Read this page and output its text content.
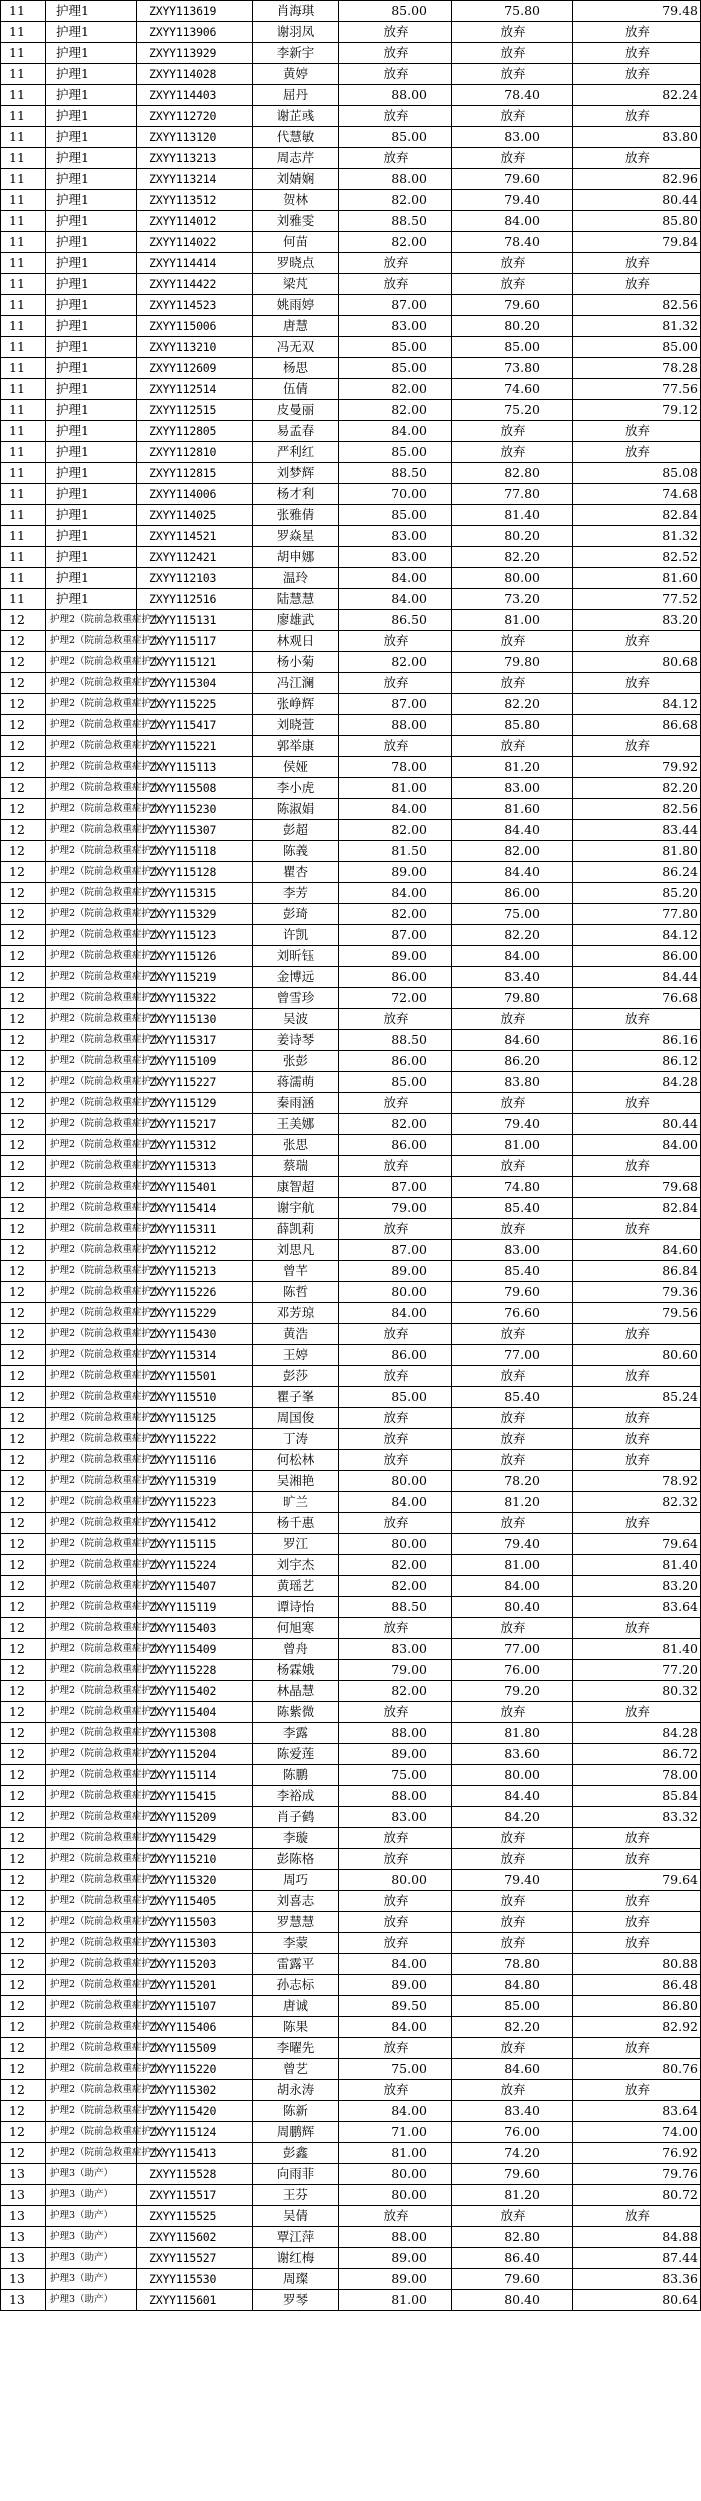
11	护理1	ZXYY113619	肖海琪	85.00	75.80	79.48
11	护理1	ZXYY113906	谢羽凤	放弃	放弃	放弃
11	护理1	ZXYY113929	李新宇	放弃	放弃	放弃
11	护理1	ZXYY114028	黄婷	放弃	放弃	放弃
11	护理1	ZXYY114403	屈丹	88.00	78.40	82.24
11	护理1	ZXYY112720	谢芷彧	放弃	放弃	放弃
11	护理1	ZXYY113120	代慧敏	85.00	83.00	83.80
11	护理1	ZXYY113213	周志芹	放弃	放弃	放弃
11	护理1	ZXYY113214	刘婧娴	88.00	79.60	82.96
11	护理1	ZXYY113512	贺林	82.00	79.40	80.44
11	护理1	ZXYY114012	刘雅雯	88.50	84.00	85.80
11	护理1	ZXYY114022	何苗	82.00	78.40	79.84
11	护理1	ZXYY114414	罗晓点	放弃	放弃	放弃
11	护理1	ZXYY114422	梁芃	放弃	放弃	放弃
11	护理1	ZXYY114523	姚雨婷	87.00	79.60	82.56
11	护理1	ZXYY115006	唐慧	83.00	80.20	81.32
11	护理1	ZXYY113210	冯无双	85.00	85.00	85.00
11	护理1	ZXYY112609	杨思	85.00	73.80	78.28
11	护理1	ZXYY112514	伍倩	82.00	74.60	77.56
11	护理1	ZXYY112515	皮曼丽	82.00	75.20	79.12
11	护理1	ZXYY112805	易孟春	84.00	放弃	放弃
11	护理1	ZXYY112810	严利红	85.00	放弃	放弃
11	护理1	ZXYY112815	刘梦辉	88.50	82.80	85.08
11	护理1	ZXYY114006	杨才利	70.00	77.80	74.68
11	护理1	ZXYY114025	张雅倩	85.00	81.40	82.84
11	护理1	ZXYY114521	罗焱星	83.00	80.20	81.32
11	护理1	ZXYY112421	胡申娜	83.00	82.20	82.52
11	护理1	ZXYY112103	温玲	84.00	80.00	81.60
11	护理1	ZXYY112516	陆慧慧	84.00	73.20	77.52
12	护理2（院前急救重症护士）	ZXYY115131	廖雄武	86.50	81.00	83.20
12	护理2（院前急救重症护士）	ZXYY115117	林观日	放弃	放弃	放弃
12	护理2（院前急救重症护士）	ZXYY115121	杨小菊	82.00	79.80	80.68
12	护理2（院前急救重症护士）	ZXYY115304	冯江澜	放弃	放弃	放弃
12	护理2（院前急救重症护士）	ZXYY115225	张峥辉	87.00	82.20	84.12
12	护理2（院前急救重症护士）	ZXYY115417	刘晓萱	88.00	85.80	86.68
12	护理2（院前急救重症护士）	ZXYY115221	郭举康	放弃	放弃	放弃
12	护理2（院前急救重症护士）	ZXYY115113	侯娅	78.00	81.20	79.92
12	护理2（院前急救重症护士）	ZXYY115508	李小虎	81.00	83.00	82.20
12	护理2（院前急救重症护士）	ZXYY115230	陈淑娟	84.00	81.60	82.56
12	护理2（院前急救重症护士）	ZXYY115307	彭超	82.00	84.40	83.44
12	护理2（院前急救重症护士）	ZXYY115118	陈義	81.50	82.00	81.80
12	护理2（院前急救重症护士）	ZXYY115128	瞿杏	89.00	84.40	86.24
12	护理2（院前急救重症护士）	ZXYY115315	李芳	84.00	86.00	85.20
12	护理2（院前急救重症护士）	ZXYY115329	彭琦	82.00	75.00	77.80
12	护理2（院前急救重症护士）	ZXYY115123	许凯	87.00	82.20	84.12
12	护理2（院前急救重症护士）	ZXYY115126	刘昕钰	89.00	84.00	86.00
12	护理2（院前急救重症护士）	ZXYY115219	金博远	86.00	83.40	84.44
12	护理2（院前急救重症护士）	ZXYY115322	曾雪珍	72.00	79.80	76.68
12	护理2（院前急救重症护士）	ZXYY115130	吴波	放弃	放弃	放弃
12	护理2（院前急救重症护士）	ZXYY115317	姜诗琴	88.50	84.60	86.16
12	护理2（院前急救重症护士）	ZXYY115109	张彭	86.00	86.20	86.12
12	护理2（院前急救重症护士）	ZXYY115227	蒋濡萌	85.00	83.80	84.28
12	护理2（院前急救重症护士）	ZXYY115129	秦雨涵	放弃	放弃	放弃
12	护理2（院前急救重症护士）	ZXYY115217	王美娜	82.00	79.40	80.44
12	护理2（院前急救重症护士）	ZXYY115312	张思	86.00	81.00	84.00
12	护理2（院前急救重症护士）	ZXYY115313	蔡瑞	放弃	放弃	放弃
12	护理2（院前急救重症护士）	ZXYY115401	康智超	87.00	74.80	79.68
12	护理2（院前急救重症护士）	ZXYY115414	谢宇航	79.00	85.40	82.84
12	护理2（院前急救重症护士）	ZXYY115311	薛凯莉	放弃	放弃	放弃
12	护理2（院前急救重症护士）	ZXYY115212	刘思凡	87.00	83.00	84.60
12	护理2（院前急救重症护士）	ZXYY115213	曾芊	89.00	85.40	86.84
12	护理2（院前急救重症护士）	ZXYY115226	陈哲	80.00	79.60	79.36
12	护理2（院前急救重症护士）	ZXYY115229	邓芳琼	84.00	76.60	79.56
12	护理2（院前急救重症护士）	ZXYY115430	黄浩	放弃	放弃	放弃
12	护理2（院前急救重症护士）	ZXYY115314	王婷	86.00	77.00	80.60
12	护理2（院前急救重症护士）	ZXYY115501	彭莎	放弃	放弃	放弃
12	护理2（院前急救重症护士）	ZXYY115510	瞿子峯	85.00	85.40	85.24
12	护理2（院前急救重症护士）	ZXYY115125	周国俊	放弃	放弃	放弃
12	护理2（院前急救重症护士）	ZXYY115222	丁涛	放弃	放弃	放弃
12	护理2（院前急救重症护士）	ZXYY115116	何松林	放弃	放弃	放弃
12	护理2（院前急救重症护士）	ZXYY115319	吴湘艳	80.00	78.20	78.92
12	护理2（院前急救重症护士）	ZXYY115223	旷兰	84.00	81.20	82.32
12	护理2（院前急救重症护士）	ZXYY115412	杨千惠	放弃	放弃	放弃
12	护理2（院前急救重症护士）	ZXYY115115	罗江	80.00	79.40	79.64
12	护理2（院前急救重症护士）	ZXYY115224	刘宇杰	82.00	81.00	81.40
12	护理2（院前急救重症护士）	ZXYY115407	黄瑶艺	82.00	84.00	83.20
12	护理2（院前急救重症护士）	ZXYY115119	谭诗怡	88.50	80.40	83.64
12	护理2（院前急救重症护士）	ZXYY115403	何旭寒	放弃	放弃	放弃
12	护理2（院前急救重症护士）	ZXYY115409	曾舟	83.00	77.00	81.40
12	护理2（院前急救重症护士）	ZXYY115228	杨霖娥	79.00	76.00	77.20
12	护理2（院前急救重症护士）	ZXYY115402	林晶慧	82.00	79.20	80.32
12	护理2（院前急救重症护士）	ZXYY115404	陈紫微	放弃	放弃	放弃
12	护理2（院前急救重症护士）	ZXYY115308	李露	88.00	81.80	84.28
12	护理2（院前急救重症护士）	ZXYY115204	陈爱莲	89.00	83.60	86.72
12	护理2（院前急救重症护士）	ZXYY115114	陈鹏	75.00	80.00	78.00
12	护理2（院前急救重症护士）	ZXYY115415	李裕成	88.00	84.40	85.84
12	护理2（院前急救重症护士）	ZXYY115209	肖子鹤	83.00	84.20	83.32
12	护理2（院前急救重症护士）	ZXYY115429	李璇	放弃	放弃	放弃
12	护理2（院前急救重症护士）	ZXYY115210	彭陈格	放弃	放弃	放弃
12	护理2（院前急救重症护士）	ZXYY115320	周巧	80.00	79.40	79.64
12	护理2（院前急救重症护士）	ZXYY115405	刘喜志	放弃	放弃	放弃
12	护理2（院前急救重症护士）	ZXYY115503	罗慧慧	放弃	放弃	放弃
12	护理2（院前急救重症护士）	ZXYY115303	李蒙	放弃	放弃	放弃
12	护理2（院前急救重症护士）	ZXYY115203	雷露平	84.00	78.80	80.88
12	护理2（院前急救重症护士）	ZXYY115201	孙志标	89.00	84.80	86.48
12	护理2（院前急救重症护士）	ZXYY115107	唐诚	89.50	85.00	86.80
12	护理2（院前急救重症护士）	ZXYY115406	陈果	84.00	82.20	82.92
12	护理2（院前急救重症护士）	ZXYY115509	李曜先	放弃	放弃	放弃
12	护理2（院前急救重症护士）	ZXYY115220	曾艺	75.00	84.60	80.76
12	护理2（院前急救重症护士）	ZXYY115302	胡永涛	放弃	放弃	放弃
12	护理2（院前急救重症护士）	ZXYY115420	陈新	84.00	83.40	83.64
12	护理2（院前急救重症护士）	ZXYY115124	周鹏辉	71.00	76.00	74.00
12	护理2（院前急救重症护士）	ZXYY115413	彭鑫	81.00	74.20	76.92
13	护理3（助产）	ZXYY115528	向雨菲	80.00	79.60	79.76
13	护理3（助产）	ZXYY115517	王芬	80.00	81.20	80.72
13	护理3（助产）	ZXYY115525	吴倩	放弃	放弃	放弃
13	护理3（助产）	ZXYY115602	覃江萍	88.00	82.80	84.88
13	护理3（助产）	ZXYY115527	谢红梅	89.00	86.40	87.44
13	护理3（助产）	ZXYY115530	周璨	89.00	79.60	83.36
13	护理3（助产）	ZXYY115601	罗琴	81.00	80.40	80.64
